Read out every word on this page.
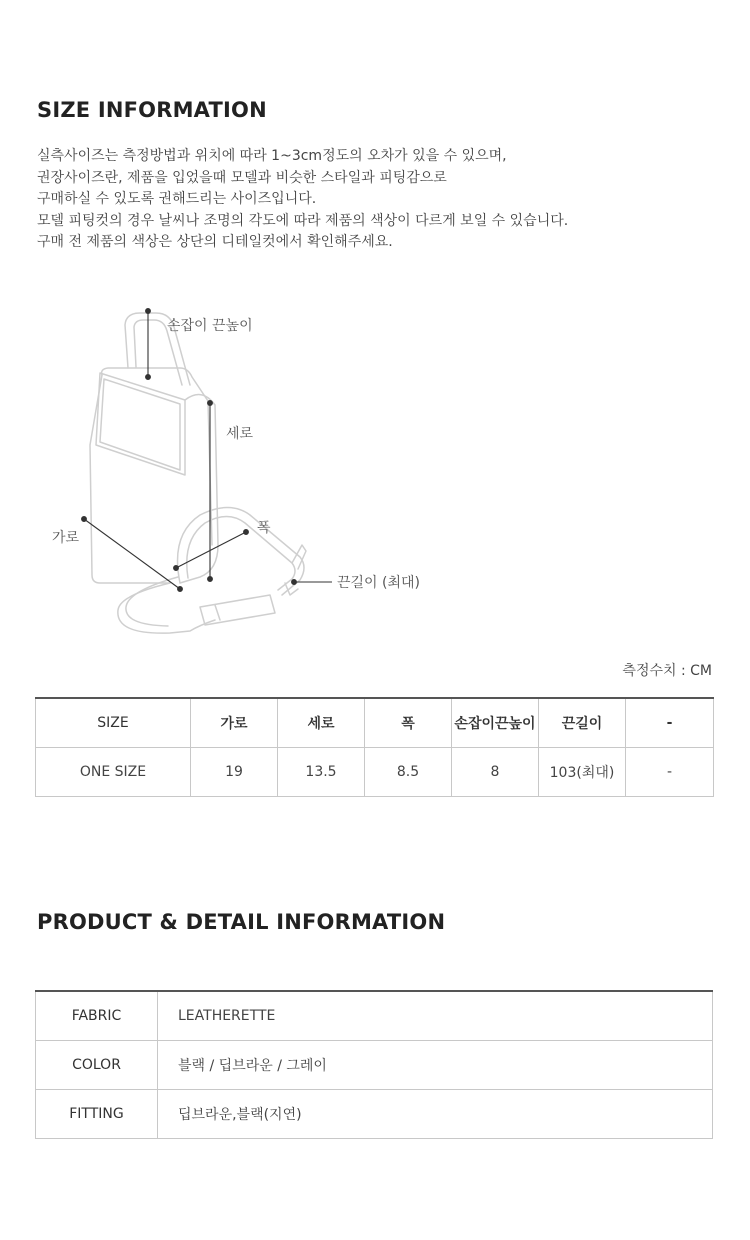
SIZE INFORMATION
실측사이즈는 측정방법과 위치에 따라 1~3cm정도의 오차가 있을 수 있으며,
권장사이즈란, 제품을 입었을때 모델과 비슷한 스타일과 피팅감으로
구매하실 수 있도록 권해드리는 사이즈입니다.
모델 피팅컷의 경우 날씨나 조명의 각도에 따라 제품의 색상이 다르게 보일 수 있습니다.
구매 전 제품의 색상은 상단의 디테일컷에서 확인해주세요.
손잡이 끈높이
세로
폭
가로
끈길이 (최대)
측정수치 : CM
SIZE	가로	세로	폭	손잡이끈높이	끈길이	-
ONE SIZE	19	13.5	8.5	8	103(최대)	-
PRODUCT & DETAIL INFORMATION
FABRIC	LEATHERETTE
COLOR	블랙 / 딥브라운 / 그레이
FITTING	딥브라운,블랙(지연)
